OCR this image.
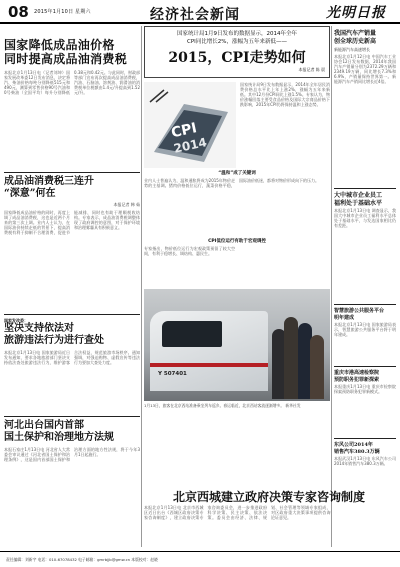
08 2015年1月10日 星期六	经济社会新闻	光明日报
国家降低成品油价格
同时提高成品油消费税
本报北京1月13日电（记者刘坤）国家发展改革委12日发布消息，决定将汽、柴油价格每吨分别降低515元和490元，测算到零售价格90号汽油和0号柴油（全国平均）每升分别降低0.38元和0.42元。与此同时，财政部等部门宣布再次提高成品油消费税，汽油、石脑油、溶剂油、润滑油的消费税单位税额由1.4元/升提高到1.52元/升。
成品油消费税三连升
“深意”何在
本报记者 韩 茹
国家降低成品油价格的同时，再度上调了成品油消费税，这也是近两个月来的第三次上调。业内人士认为，在国际油价持续走低的背景下，提高消费税有利于抑制不合理消费，促进节能减排，同时也有助于理顺税收结构。专家表示，成品油消费税调整体现了政府调控的意图，对于保护环境和治理雾霾具有积极意义。
国家发改委：
坚决支持依法对
旅游违法行为进行查处
本报北京1月13日电 国家旅游局近日发布通知，要求各地旅游部门坚决支持依法查处旅游违法行为，维护游客合法权益，规范旅游市场秩序。通知强调，对强迫购物、虚假宣传等违法行为要加大查处力度。
河北出台国内首部
国土保护和治理地方法规
本报石家庄1月13日电 河北省人大常委会审议通过《河北省国土保护和治理条例》，这是国内首部国土保护和治理方面的地方性法规，将于今年3月1日起施行。
国家统计局1月9日发布的数据显示，2014年全年
CPI同比增长2%，涨幅为五年来新低——
2015，CPI走势如何
本报记者 陈 晨
CPI
2014
国家统计局9日发布数据显示，2014年全年居民消费价格总水平比上年上涨2%，涨幅为五年来新低。其中12月份CPI同比上涨1.5%。专家认为，物价涨幅回落主要受食品价格及国际大宗商品价格下跌影响，2015年CPI仍将保持温和上涨态势。
“温和”成了关键词
业内人士普遍认为，温和通胀将成为2015年物价走势的主基调。猪肉价格低位运行，蔬菜价格平稳，国际油价低迷，都将对物价形成向下的压力。
CPI低位运行有助于宏观调控
专家指出，物价低位运行为宏观政策预留了较大空间，有利于稳增长、调结构、惠民生。
Y 507401
1月13日，旅客在北京西站准备乘坐列车返乡。春运临近，北京西站客流逐渐增多。 新华社发
我国汽车产销量
创全球历史新高
新能源汽车高速增长
本报北京1月12日电 中国汽车工业协会12日发布数据，2014年我国汽车产销量分别为2372.29万辆和2349.19万辆，同比增长7.3%和6.9%，产销量保持世界第一。新能源汽车产销同比增长近4倍。
大中城市企业员工
福利处于基础水平
本报北京1月13日电 调查显示，我国大中城市企业员工福利水平总体处于基础水平，与发达国家相比仍有差距。
智慧旅游公共服务平台
明年建成
本报北京1月13日电 国家旅游局表示，智慧旅游公共服务平台将于明年建成。
重庆市港高速检察院
预防职务犯罪新探索
本报重庆1月13日电 重庆市检察院探索预防职务犯罪新模式。
东风公司2014年
销售汽车380.3万辆
本报武汉1月13日电 东风汽车公司2014年销售汽车380.3万辆。
北京西城建立政府决策专家咨询制度
本报北京1月13日电 北京市西城区近日出台《西城区政府决策专家咨询制度》，建立政府决策专家咨询委员会，进一步推进政府科学决策、民主决策、依法决策。委员会由经济、法律、规划、社会管理等领域专家组成，对区政府重大决策事项提供咨询论证意见。
责任编辑：刘新宇 电话：010-67078432 电子邮箱：gmrbjjb@gmw.cn 本版校对：赵晓
